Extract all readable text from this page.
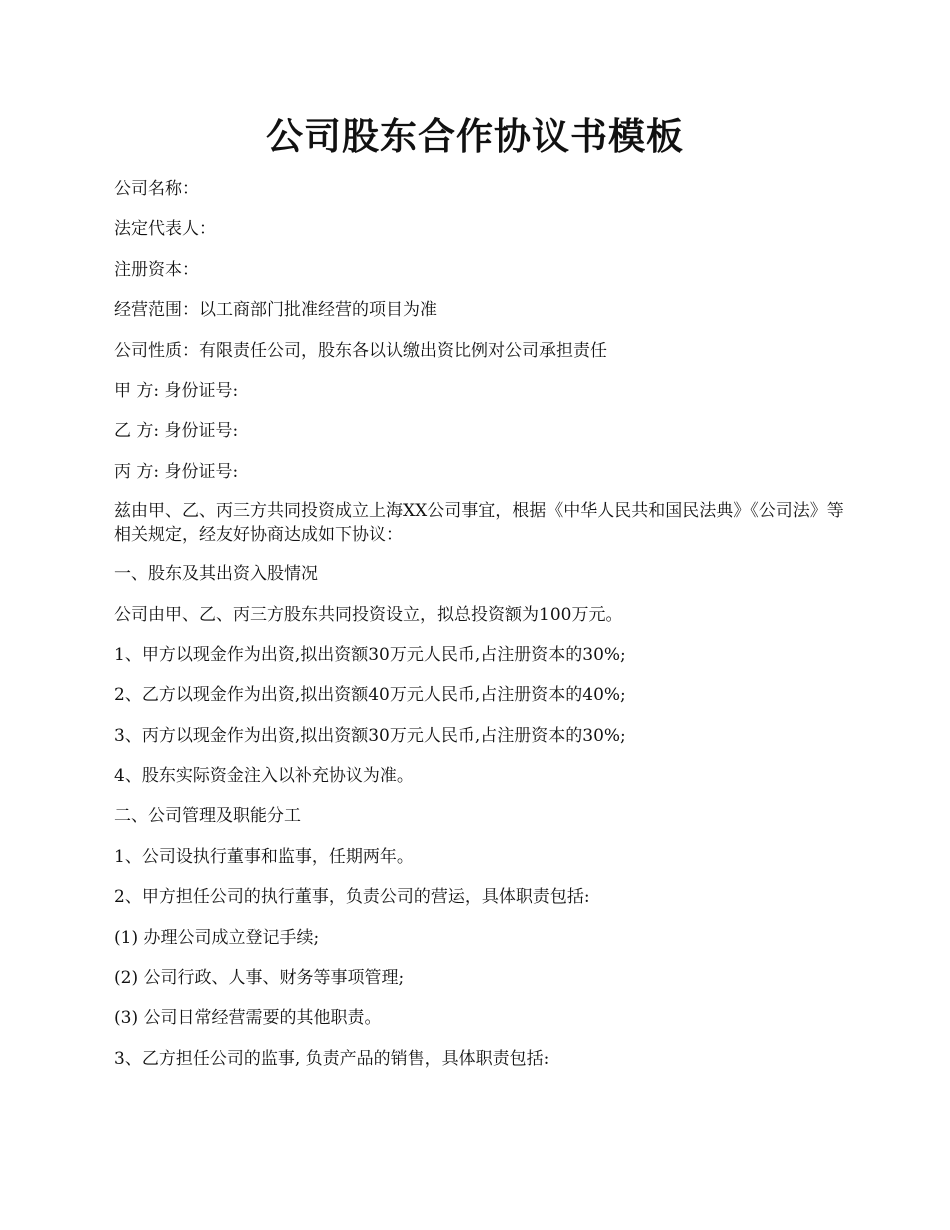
公司股东合作协议书模板

公司名称：

法定代表人：

注册资本：

经营范围：以工商部门批准经营的项目为准

公司性质：有限责任公司，股东各以认缴出资比例对公司承担责任

甲 方: 身份证号:

乙 方: 身份证号:

丙 方: 身份证号:

兹由甲、乙、丙三方共同投资成立上海XX公司事宜，根据《中华人民共和国民法典》《公司法》等相关规定，经友好协商达成如下协议：

一、股东及其出资入股情况

公司由甲、乙、丙三方股东共同投资设立，拟总投资额为100万元。

1、甲方以现金作为出资,拟出资额30万元人民币,占注册资本的30%;

2、乙方以现金作为出资,拟出资额40万元人民币,占注册资本的40%;

3、丙方以现金作为出资,拟出资额30万元人民币,占注册资本的30%;

4、股东实际资金注入以补充协议为准。

二、公司管理及职能分工

1、公司设执行董事和监事，任期两年。

2、甲方担任公司的执行董事，负责公司的营运，具体职责包括:

(1) 办理公司成立登记手续;

(2) 公司行政、人事、财务等事项管理;

(3) 公司日常经营需要的其他职责。

3、乙方担任公司的监事, 负责产品的销售，具体职责包括:
